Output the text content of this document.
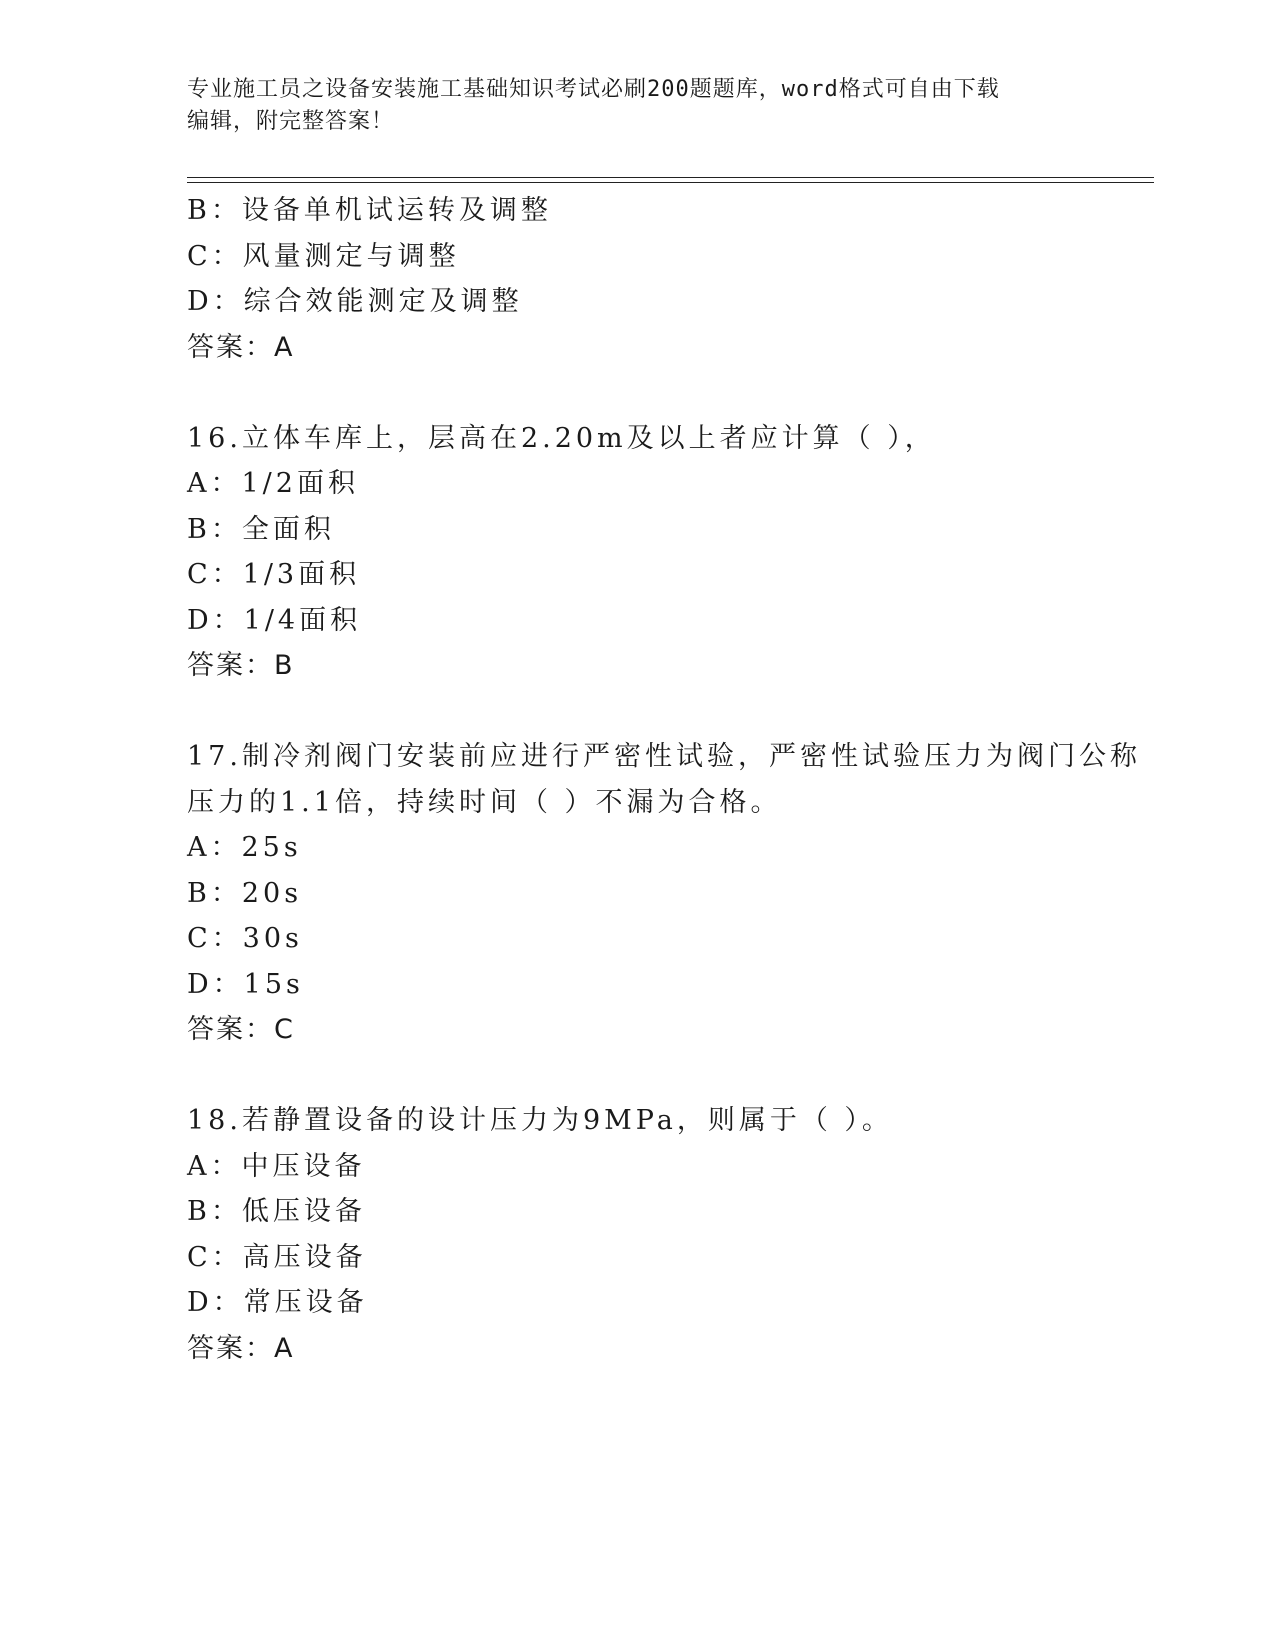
专业施工员之设备安装施工基础知识考试必刷200题题库，word格式可自由下载
编辑，附完整答案！
B：设备单机试运转及调整
C：风量测定与调整
D：综合效能测定及调整
答案：A
16.立体车库上，层高在2.20m及以上者应计算（ ），
A：1/2面积
B：全面积
C：1/3面积
D：1/4面积
答案：B
17.制冷剂阀门安装前应进行严密性试验，严密性试验压力为阀门公称
压力的1.1倍，持续时间（ ）不漏为合格。
A：25s
B：20s
C：30s
D：15s
答案：C
18.若静置设备的设计压力为9MPa，则属于（ ）。
A：中压设备
B：低压设备
C：高压设备
D：常压设备
答案：A
